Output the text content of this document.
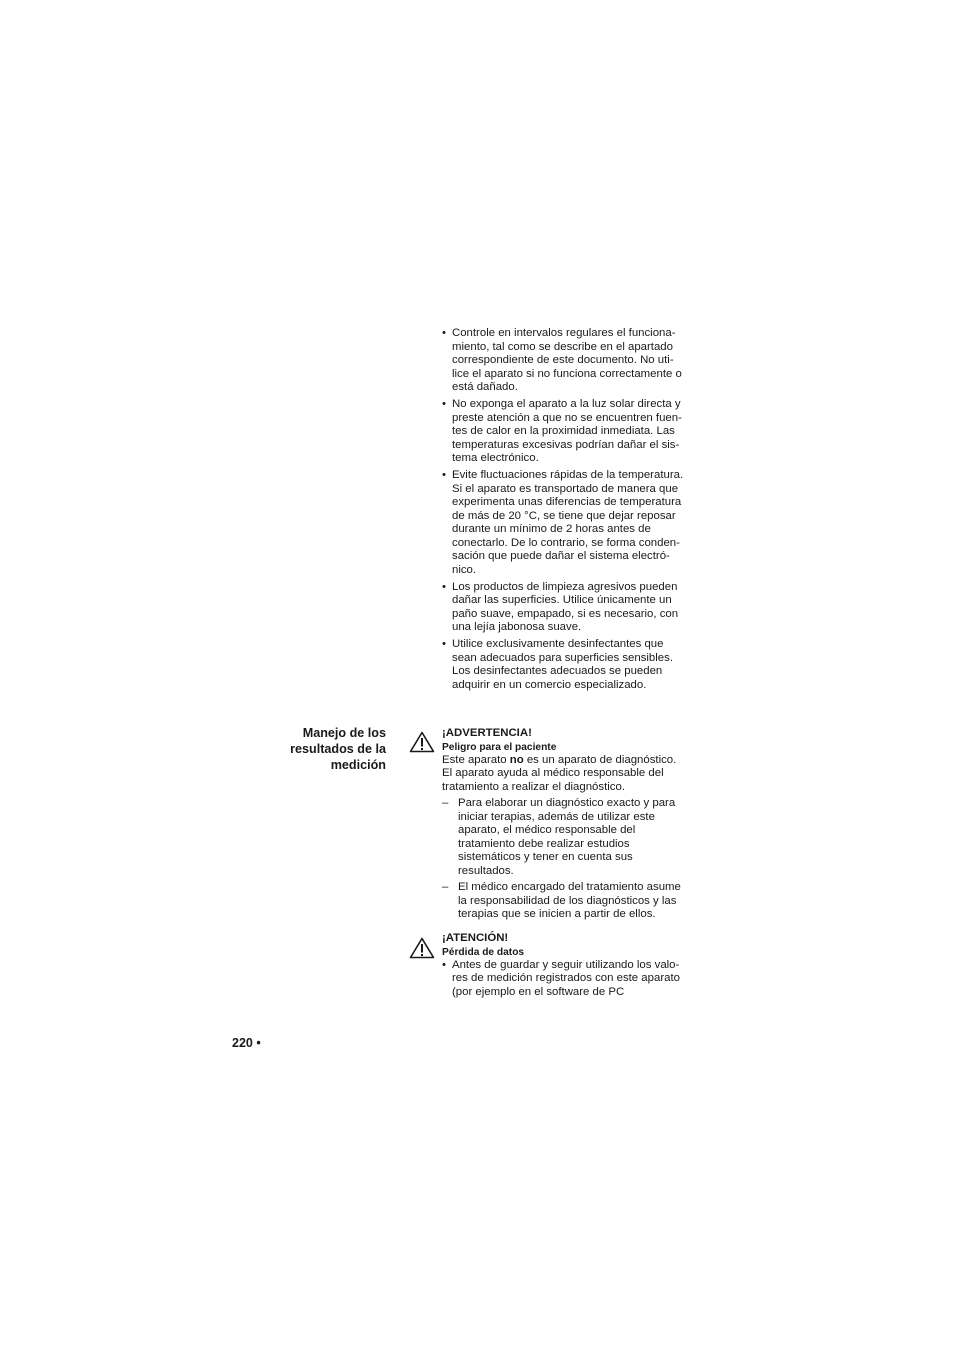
• Controle en intervalos regulares el funciona-
miento, tal como se describe en el apartado
correspondiente de este documento. No uti-
lice el aparato si no funciona correctamente o
está dañado.
• No exponga el aparato a la luz solar directa y
preste atención a que no se encuentren fuen-
tes de calor en la proximidad inmediata. Las
temperaturas excesivas podrían dañar el sis-
tema electrónico.
• Evite fluctuaciones rápidas de la temperatura.
Si el aparato es transportado de manera que
experimenta unas diferencias de temperatura
de más de 20 °C, se tiene que dejar reposar
durante un mínimo de 2 horas antes de
conectarlo. De lo contrario, se forma conden-
sación que puede dañar el sistema electró-
nico.
• Los productos de limpieza agresivos pueden
dañar las superficies. Utilice únicamente un
paño suave, empapado, si es necesario, con
una lejía jabonosa suave.
• Utilice exclusivamente desinfectantes que
sean adecuados para superficies sensibles.
Los desinfectantes adecuados se pueden
adquirir en un comercio especializado.
Manejo de los
resultados de la
medición
¡ADVERTENCIA!
Peligro para el paciente
Este aparato no es un aparato de diagnóstico.
El aparato ayuda al médico responsable del
tratamiento a realizar el diagnóstico.
– Para elaborar un diagnóstico exacto y para
iniciar terapias, además de utilizar este
aparato, el médico responsable del
tratamiento debe realizar estudios
sistemáticos y tener en cuenta sus
resultados.
– El médico encargado del tratamiento asume
la responsabilidad de los diagnósticos y las
terapias que se inicien a partir de ellos.
¡ATENCIÓN!
Pérdida de datos
• Antes de guardar y seguir utilizando los valo-
res de medición registrados con este aparato
(por ejemplo en el software de PC
220 •
